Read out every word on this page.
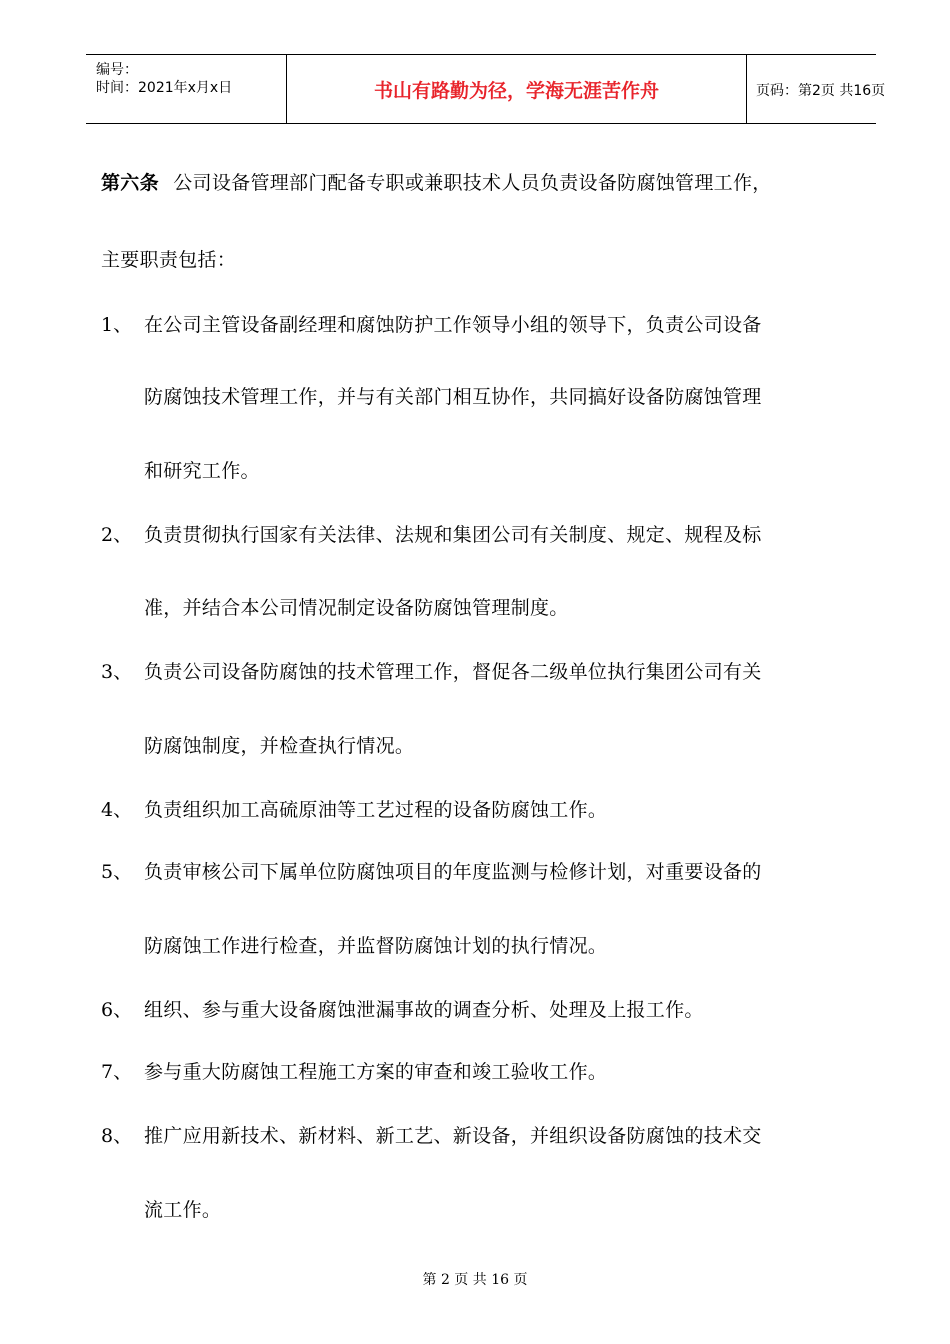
编号：
时间：2021年x月x日	书山有路勤为径，学海无涯苦作舟	页码：第2页 共16页
第六条 公司设备管理部门配备专职或兼职技术人员负责设备防腐蚀管理工作，
主要职责包括：
1、 在公司主管设备副经理和腐蚀防护工作领导小组的领导下，负责公司设备
防腐蚀技术管理工作，并与有关部门相互协作，共同搞好设备防腐蚀管理
和研究工作。
2、 负责贯彻执行国家有关法律、法规和集团公司有关制度、规定、规程及标
准，并结合本公司情况制定设备防腐蚀管理制度。
3、 负责公司设备防腐蚀的技术管理工作，督促各二级单位执行集团公司有关
防腐蚀制度，并检查执行情况。
4、 负责组织加工高硫原油等工艺过程的设备防腐蚀工作。
5、 负责审核公司下属单位防腐蚀项目的年度监测与检修计划，对重要设备的
防腐蚀工作进行检查，并监督防腐蚀计划的执行情况。
6、 组织、参与重大设备腐蚀泄漏事故的调查分析、处理及上报工作。
7、 参与重大防腐蚀工程施工方案的审查和竣工验收工作。
8、 推广应用新技术、新材料、新工艺、新设备，并组织设备防腐蚀的技术交
流工作。
第 2 页 共 16 页
